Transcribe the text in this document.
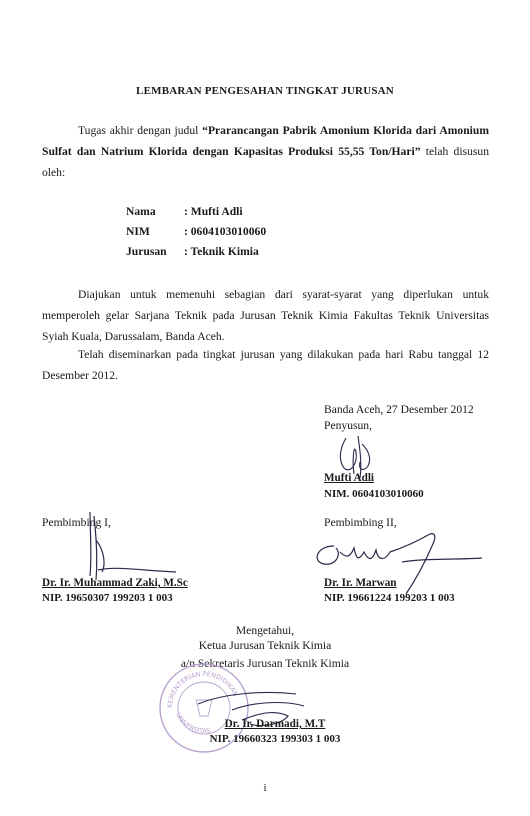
LEMBARAN PENGESAHAN TINGKAT JURUSAN
Tugas akhir dengan judul “Prarancangan Pabrik Amonium Klorida dari Amonium Sulfat dan Natrium Klorida dengan Kapasitas Produksi 55,55 Ton/Hari” telah disusun oleh:
Nama : Mufti Adli
NIM	: 0604103010060
Jurusan : Teknik Kimia
Diajukan untuk memenuhi sebagian dari syarat-syarat yang diperlukan untuk memperoleh gelar Sarjana Teknik pada Jurusan Teknik Kimia Fakultas Teknik Universitas Syiah Kuala, Darussalam, Banda Aceh.
Telah diseminarkan pada tingkat jurusan yang dilakukan pada hari Rabu tanggal 12 Desember 2012.
Banda Aceh, 27 Desember 2012
Penyusun,
Mufti Adli
NIM. 0604103010060
Pembimbing I,
Dr. Ir. Muhammad Zaki, M.Sc
NIP. 19650307 199203 1 003
Pembimbing II,
Dr. Ir. Marwan
NIP. 19661224 199203 1 003
Mengetahui,
Ketua Jurusan Teknik Kimia
a/n Sekretaris Jurusan Teknik Kimia
KEMENTERIAN PENDIDIKAN
UNIVERSITAS
Dr. Ir. Darmadi, M.T
NIP. 19660323 199303 1 003
i
